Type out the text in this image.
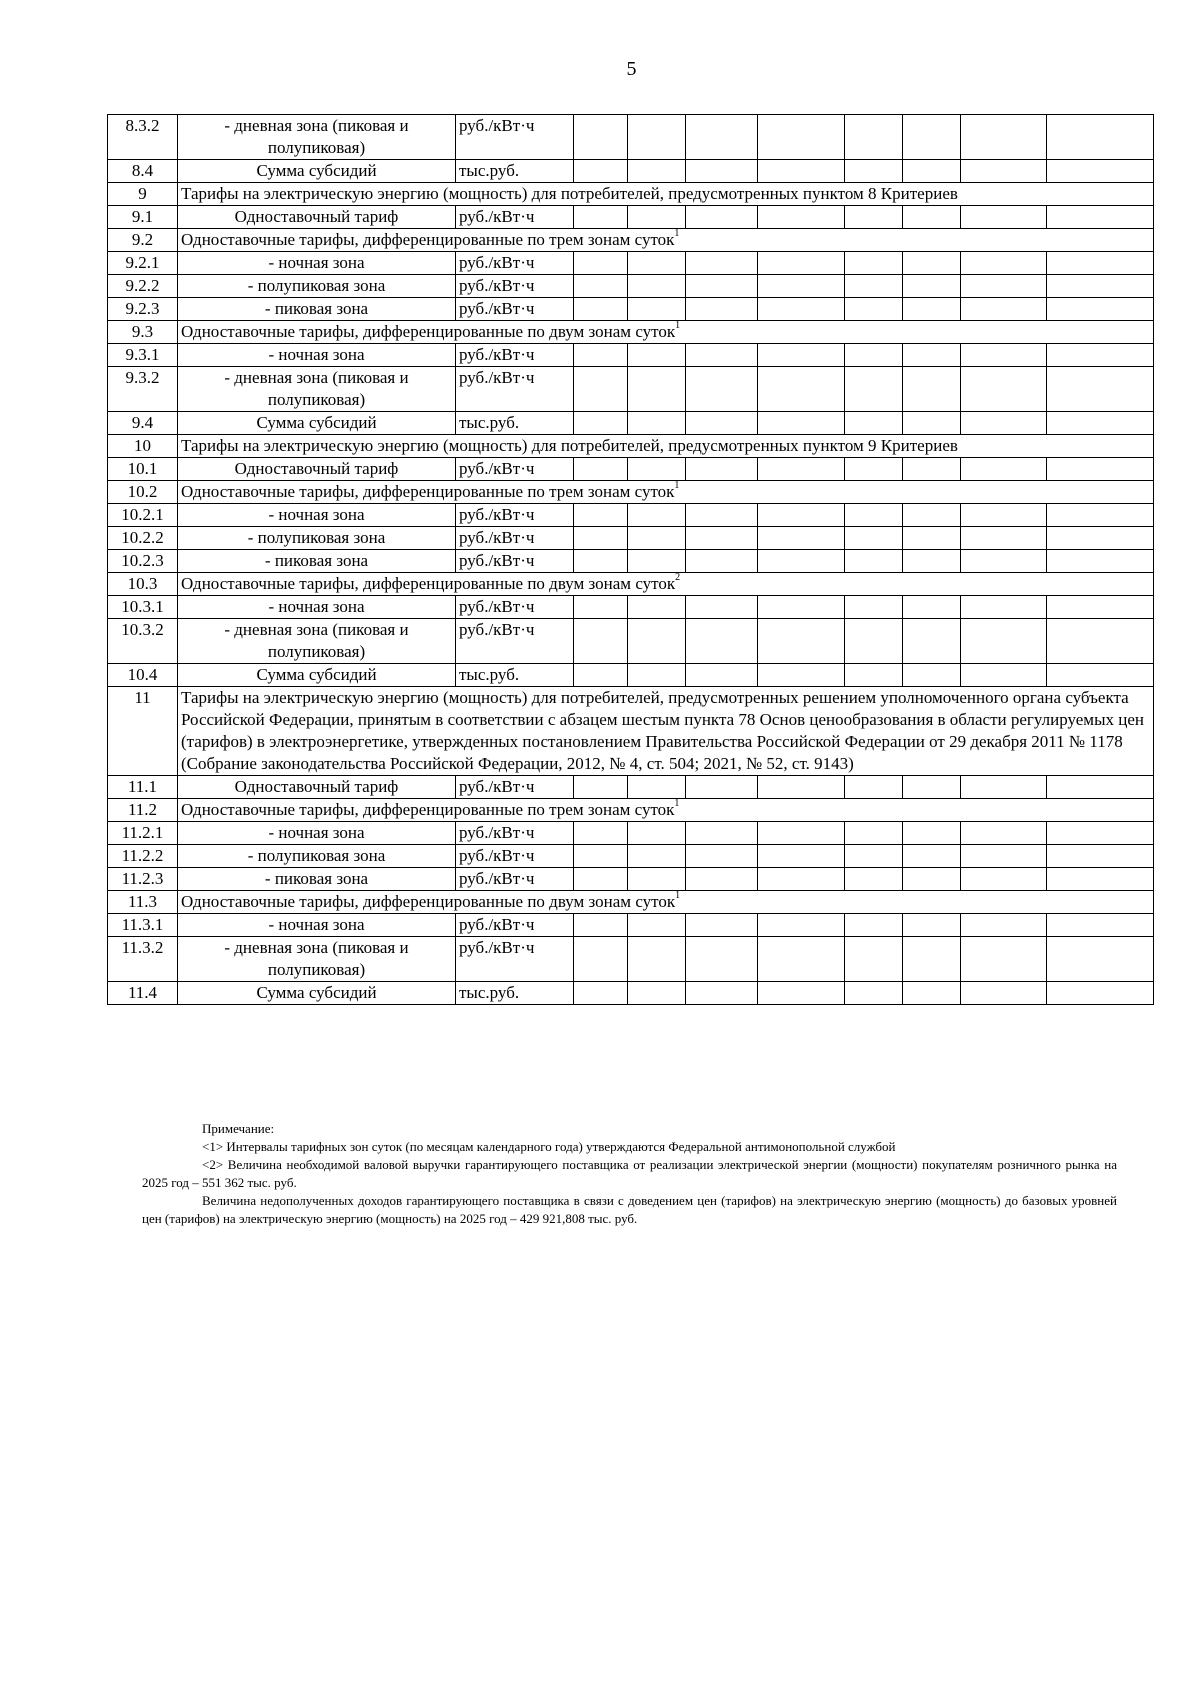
5
8.3.2	- дневная зона (пиковая и полупиковая)	руб./кВт·ч								
8.4	Сумма субсидий	тыс.руб.								
9	Тарифы на электрическую энергию (мощность) для потребителей, предусмотренных пунктом 8 Критериев									
9.1	Одноставочный тариф	руб./кВт·ч								
9.2	Одноставочные тарифы, дифференцированные по трем зонам суток$^1$
9.2.1	- ночная зона	руб./кВт·ч								
9.2.2	- полупиковая зона	руб./кВт·ч								
9.2.3	- пиковая зона	руб./кВт·ч								
9.3	Одноставочные тарифы, дифференцированные по двум зонам суток$^1$
9.3.1	- ночная зона	руб./кВт·ч								
9.3.2	- дневная зона (пиковая и полупиковая)	руб./кВт·ч								
9.4	Сумма субсидий	тыс.руб.								
10	Тарифы на электрическую энергию (мощность) для потребителей, предусмотренных пунктом 9 Критериев									
10.1	Одноставочный тариф	руб./кВт·ч								
10.2	Одноставочные тарифы, дифференцированные по трем зонам суток$^1$
10.2.1	- ночная зона	руб./кВт·ч								
10.2.2	- полупиковая зона	руб./кВт·ч								
10.2.3	- пиковая зона	руб./кВт·ч								
10.3	Одноставочные тарифы, дифференцированные по двум зонам суток$^2$
10.3.1	- ночная зона	руб./кВт·ч								
10.3.2	- дневная зона (пиковая и полупиковая)	руб./кВт·ч								
10.4	Сумма субсидий	тыс.руб.								
11	Тарифы на электрическую энергию (мощность) для потребителей, предусмотренных решением уполномоченного органа субъекта Российской Федерации, принятым в соответствии с абзацем шестым пункта 78 Основ ценообразования в области регулируемых цен (тарифов) в электроэнергетике, утвержденных постановлением Правительства Российской Федерации от 29 декабря 2011 № 1178 (Собрание законодательства Российской Федерации, 2012, № 4, ст. 504; 2021, № 52, ст. 9143)									
11.1	Одноставочный тариф	руб./кВт·ч								
11.2	Одноставочные тарифы, дифференцированные по трем зонам суток$^1$
11.2.1	- ночная зона	руб./кВт·ч								
11.2.2	- полупиковая зона	руб./кВт·ч								
11.2.3	- пиковая зона	руб./кВт·ч								
11.3	Одноставочные тарифы, дифференцированные по двум зонам суток$^1$
11.3.1	- ночная зона	руб./кВт·ч								
11.3.2	- дневная зона (пиковая и полупиковая)	руб./кВт·ч								
11.4	Сумма субсидий	тыс.руб.								

Примечание:

<1> Интервалы тарифных зон суток (по месяцам календарного года) утверждаются Федеральной антимонопольной службой

<2> Величина необходимой валовой выручки гарантирующего поставщика от реализации электрической энергии (мощности) покупателям розничного рынка на 2025 год – 551 362 тыс. руб.

Величина недополученных доходов гарантирующего поставщика в связи с доведением цен (тарифов) на электрическую энергию (мощность) до базовых уровней цен (тарифов) на электрическую энергию (мощность) на 2025 год – 429 921,808 тыс. руб.
